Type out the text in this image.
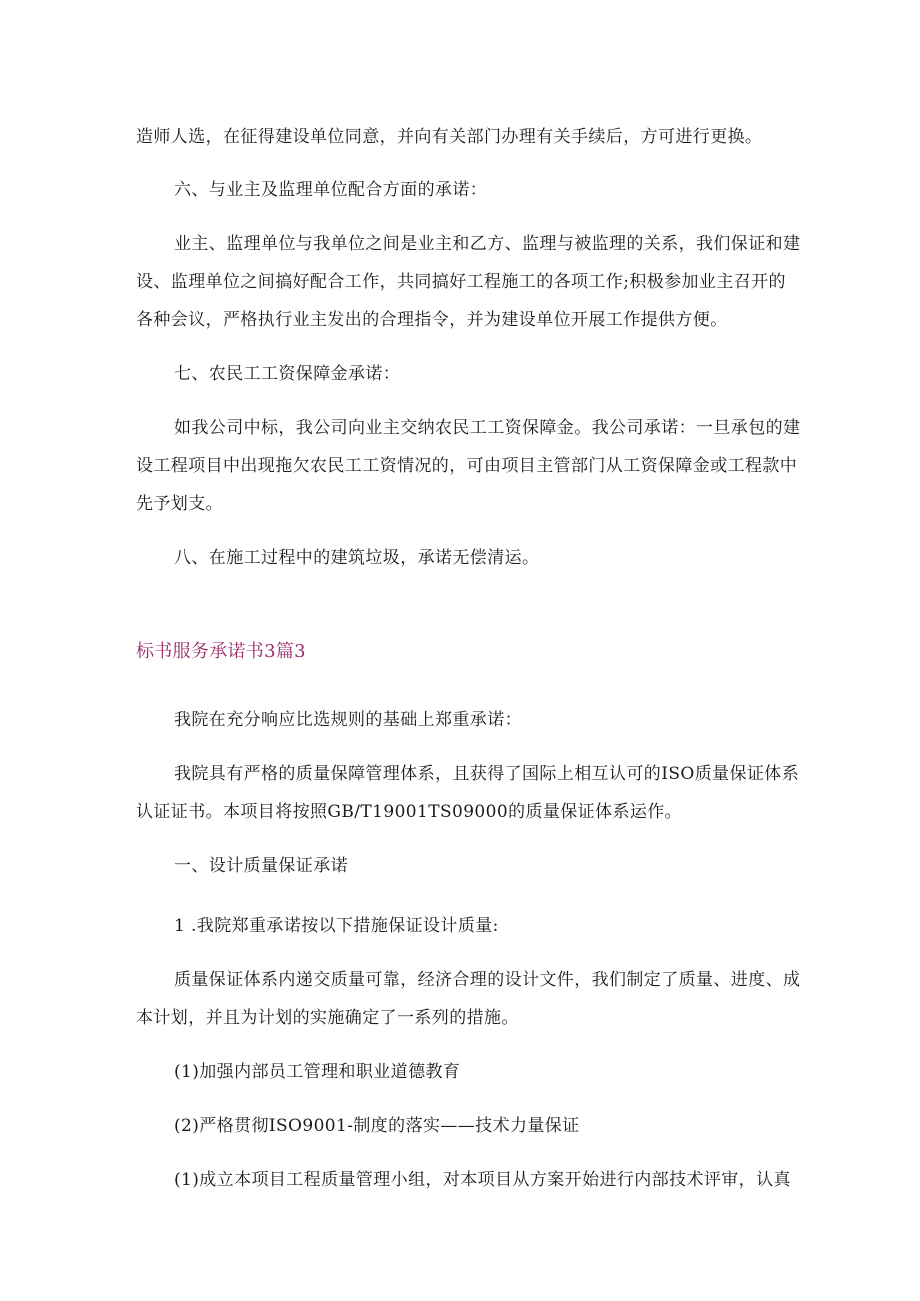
造师人选，在征得建设单位同意，并向有关部门办理有关手续后，方可进行更换。
六、与业主及监理单位配合方面的承诺：
业主、监理单位与我单位之间是业主和乙方、监理与被监理的关系，我们保证和建
设、监理单位之间搞好配合工作，共同搞好工程施工的各项工作;积极参加业主召开的
各种会议，严格执行业主发出的合理指令，并为建设单位开展工作提供方便。
七、农民工工资保障金承诺：
如我公司中标，我公司向业主交纳农民工工资保障金。我公司承诺：一旦承包的建
设工程项目中出现拖欠农民工工资情况的，可由项目主管部门从工资保障金或工程款中
先予划支。
八、在施工过程中的建筑垃圾，承诺无偿清运。
标书服务承诺书3篇3
我院在充分响应比选规则的基础上郑重承诺：
我院具有严格的质量保障管理体系，且获得了国际上相互认可的ISO质量保证体系
认证证书。本项目将按照GB/T19001TS09000的质量保证体系运作。
一、设计质量保证承诺
1 .我院郑重承诺按以下措施保证设计质量:
质量保证体系内递交质量可靠，经济合理的设计文件，我们制定了质量、进度、成
本计划，并且为计划的实施确定了一系列的措施。
(1)加强内部员工管理和职业道德教育
(2)严格贯彻ISO9001-制度的落实——技术力量保证
(1)成立本项目工程质量管理小组，对本项目从方案开始进行内部技术评审，认真
